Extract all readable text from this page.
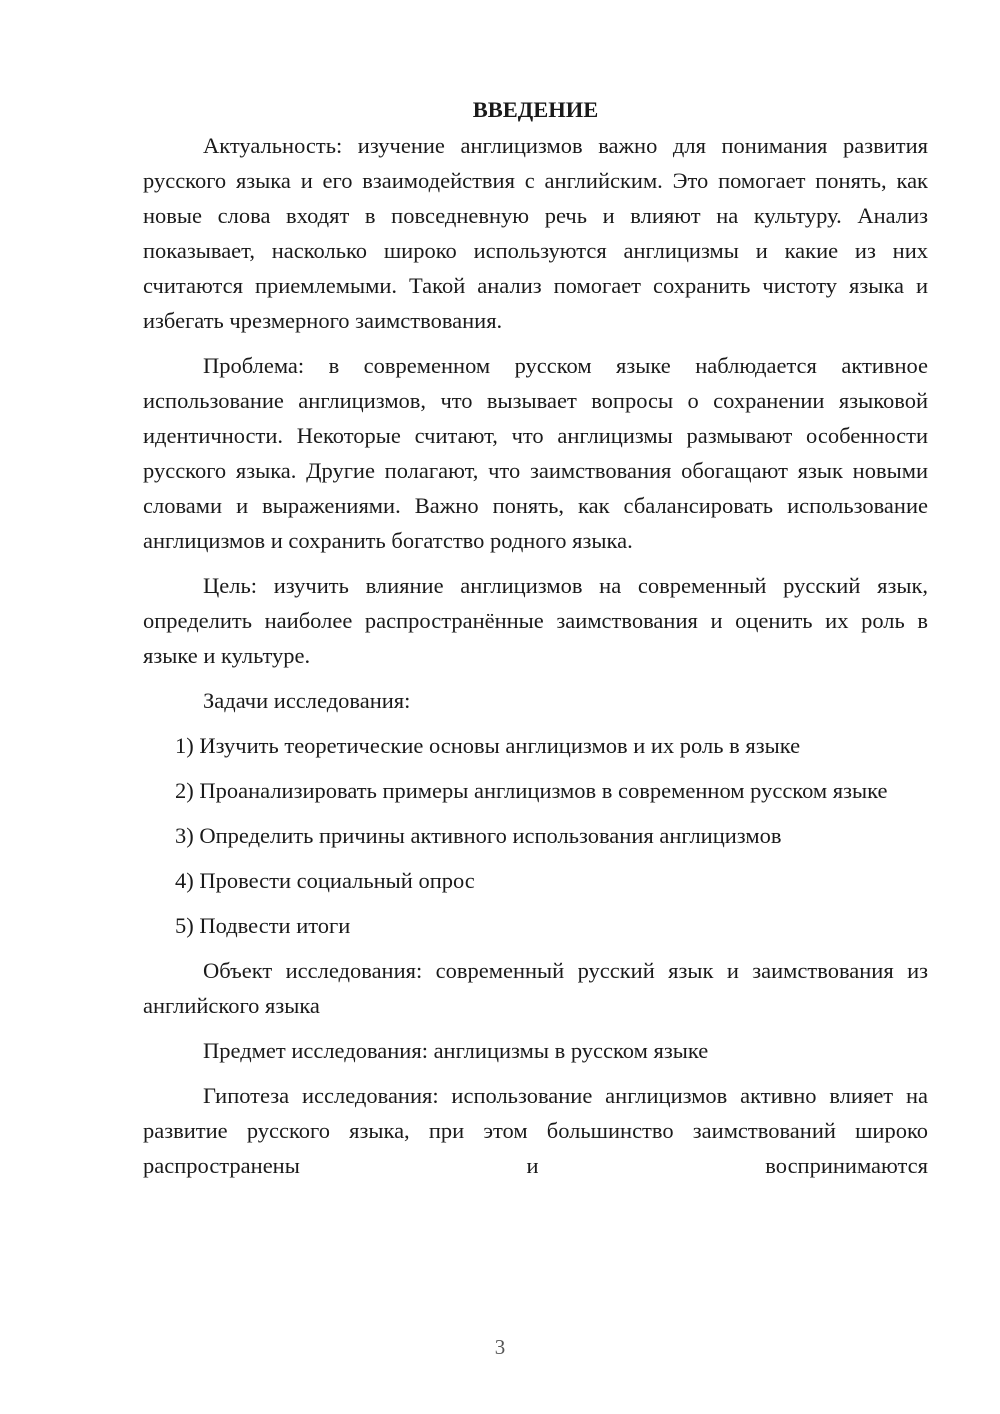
ВВЕДЕНИЕ

Актуальность: изучение англицизмов важно для понимания развития русского языка и его взаимодействия с английским. Это помогает понять, как новые слова входят в повседневную речь и влияют на культуру. Анализ показывает, насколько широко используются англицизмы и какие из них считаются приемлемыми. Такой анализ помогает сохранить чистоту языка и избегать чрезмерного заимствования.

Проблема: в современном русском языке наблюдается активное использование англицизмов, что вызывает вопросы о сохранении языковой идентичности. Некоторые считают, что англицизмы размывают особенности русского языка. Другие полагают, что заимствования обогащают язык новыми словами и выражениями. Важно понять, как сбалансировать использование англицизмов и сохранить богатство родного языка.

Цель: изучить влияние англицизмов на современный русский язык, определить наиболее распространённые заимствования и оценить их роль в языке и культуре.

Задачи исследования:

1) Изучить теоретические основы англицизмов и их роль в языке

2) Проанализировать примеры англицизмов в современном русском языке

3) Определить причины активного использования англицизмов

4) Провести социальный опрос

5) Подвести итоги

Объект исследования: современный русский язык и заимствования из английского языка

Предмет исследования: англицизмы в русском языке

Гипотеза исследования: использование англицизмов активно влияет на развитие русского языка, при этом большинство заимствований широко распространены и воспринимаются

3
